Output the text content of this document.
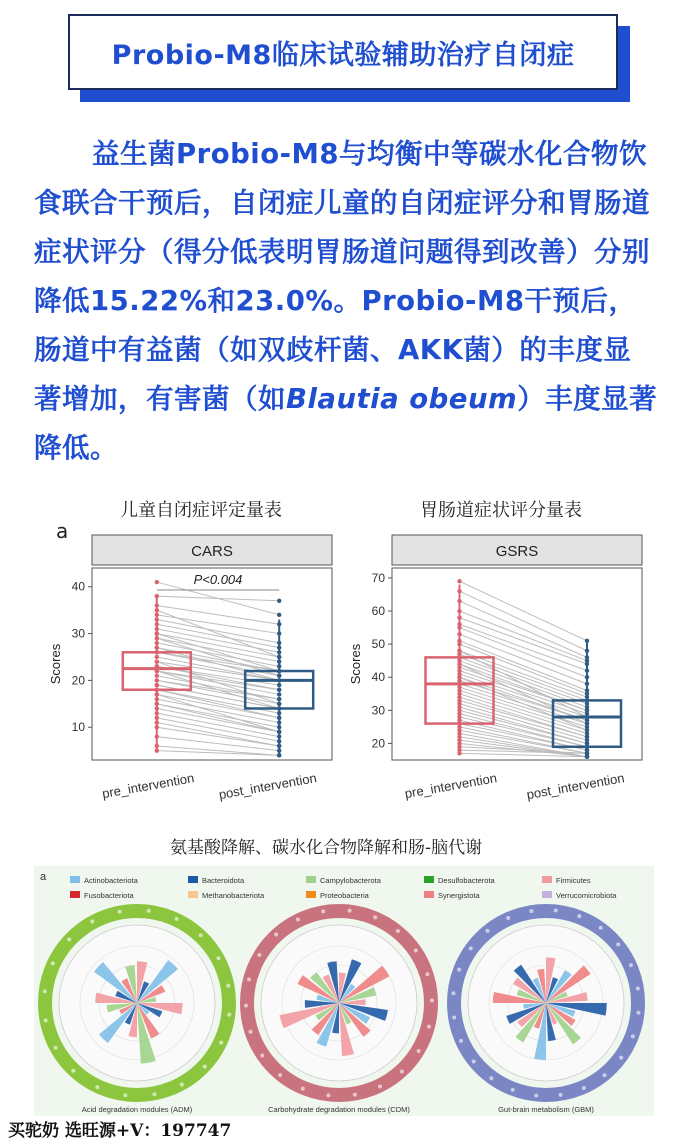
Probio-M8临床试验辅助治疗自闭症
益生菌Probio-M8与均衡中等碳水化合物饮食联合干预后，自闭症儿童的自闭症评分和胃肠道症状评分（得分低表明胃肠道问题得到改善）分别降低15.22%和23.0%。Probio-M8干预后，肠道中有益菌（如双歧杆菌、AKK菌）的丰度显著增加，有害菌（如Blautia obeum）丰度显著降低。
儿童自闭症评定量表	胃肠道症状评分量表
a
CARS
10
20
30
40
Scores
P<0.004
pre_intervention post_intervention
GSRS
20
30
40
50
60
70
Scores
pre_intervention post_intervention
氨基酸降解、碳水化合物降解和肠-脑代谢
a	Actinobacteriota	Bacteroidota	Campylobacterota	Desulfobacterota	Firmicutes
Fusobacteriota	Methanobacteriota	Proteobacteria	Synergistota	Verrucomicrobiota
Acid degradation modules (ADM)	Carbohydrate degradation modules (CDM)	Gut-brain metabolism (GBM)
买驼奶 选旺源+V：197747
